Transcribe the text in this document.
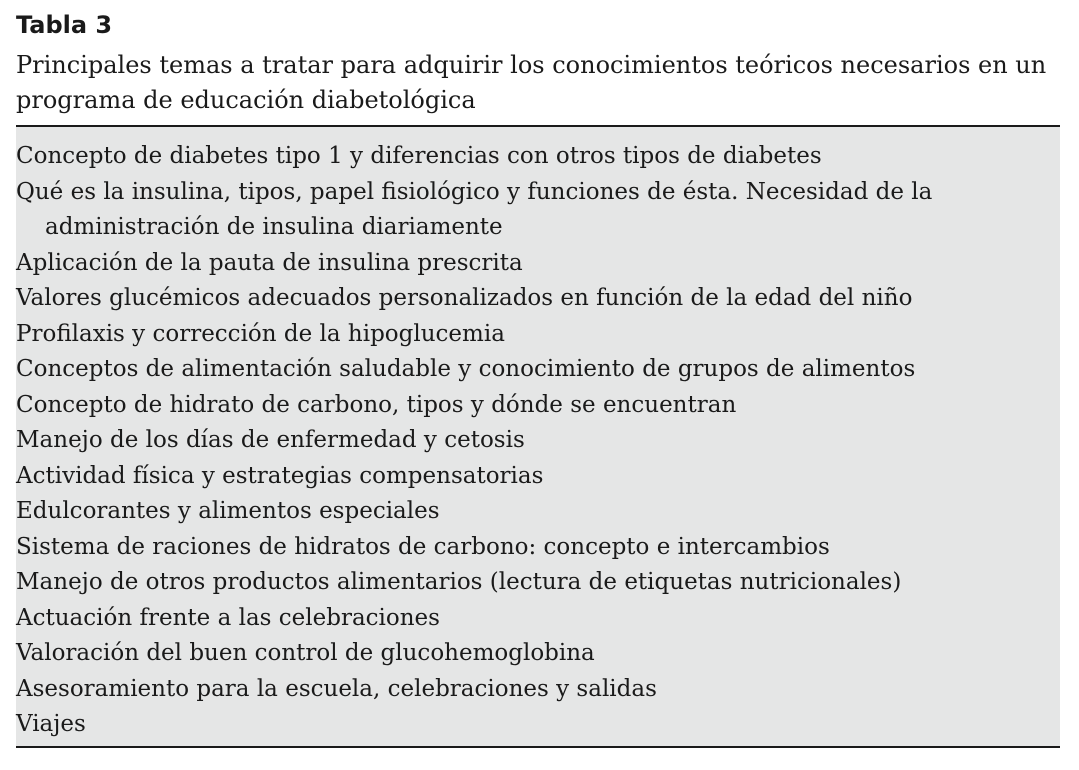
Tabla 3

Principales temas a tratar para adquirir los conocimientos teóricos necesarios en un programa de educación diabetológica

Concepto de diabetes tipo 1 y diferencias con otros tipos de diabetes
Qué es la insulina, tipos, papel fisiológico y funciones de ésta. Necesidad de la administración de insulina diariamente
Aplicación de la pauta de insulina prescrita
Valores glucémicos adecuados personalizados en función de la edad del niño
Profilaxis y corrección de la hipoglucemia
Conceptos de alimentación saludable y conocimiento de grupos de alimentos
Concepto de hidrato de carbono, tipos y dónde se encuentran
Manejo de los días de enfermedad y cetosis
Actividad física y estrategias compensatorias
Edulcorantes y alimentos especiales
Sistema de raciones de hidratos de carbono: concepto e intercambios
Manejo de otros productos alimentarios (lectura de etiquetas nutricionales)
Actuación frente a las celebraciones
Valoración del buen control de glucohemoglobina
Asesoramiento para la escuela, celebraciones y salidas
Viajes
